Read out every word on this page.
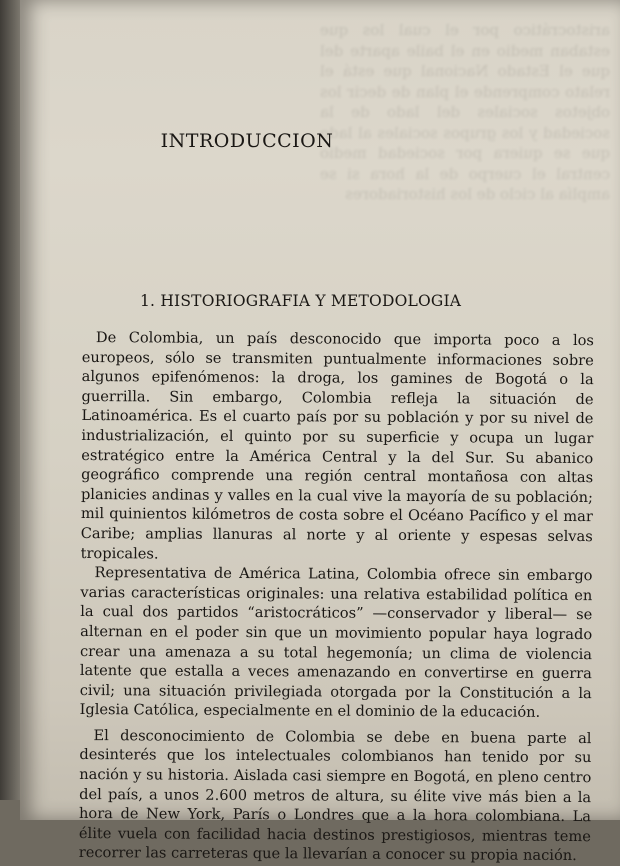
aristocrático por el cual los que estaban medio en el baile aparte del que el Estado Nacional que está el relato comprende el plan de decir los objetos sociales del lado de la sociedad y los grupos sociales al lado que se quiera por sociedad medio central el cuerpo de la hora si se amplía al ciclo de los historiadores
INTRODUCCION
1. HISTORIOGRAFIA Y METODOLOGIA

De Colombia, un país desconocido que importa poco a los europeos, sólo se transmiten puntualmente informaciones sobre algunos epifenómenos: la droga, los gamines de Bogotá o la guerrilla. Sin embargo, Colombia refleja la situación de Latinoamérica. Es el cuarto país por su población y por su nivel de industrialización, el quinto por su superficie y ocupa un lugar estratégico entre la América Central y la del Sur. Su abanico geográfico comprende una región central montañosa con altas planicies andinas y valles en la cual vive la mayoría de su población; mil quinientos kilómetros de costa sobre el Océano Pacífico y el mar Caribe; amplias llanuras al norte y al oriente y espesas selvas tropicales.

Representativa de América Latina, Colombia ofrece sin embargo varias características originales: una relativa estabilidad política en la cual dos partidos “aristocráticos” —conservador y liberal— se alternan en el poder sin que un movimiento popular haya logrado crear una amenaza a su total hegemonía; un clima de violencia latente que estalla a veces amenazando en convertirse en guerra civil; una situación privilegiada otorgada por la Constitución a la Iglesia Católica, especialmente en el dominio de la educación.

El desconocimiento de Colombia se debe en buena parte al desinterés que los intelectuales colombianos han tenido por su nación y su historia. Aislada casi siempre en Bogotá, en pleno centro del país, a unos 2.600 metros de altura, su élite vive más bien a la hora de New York, París o Londres que a la hora colombiana. La élite vuela con facilidad hacia destinos prestigiosos, mientras teme recorrer las carreteras que la llevarían a conocer su propia nación.
